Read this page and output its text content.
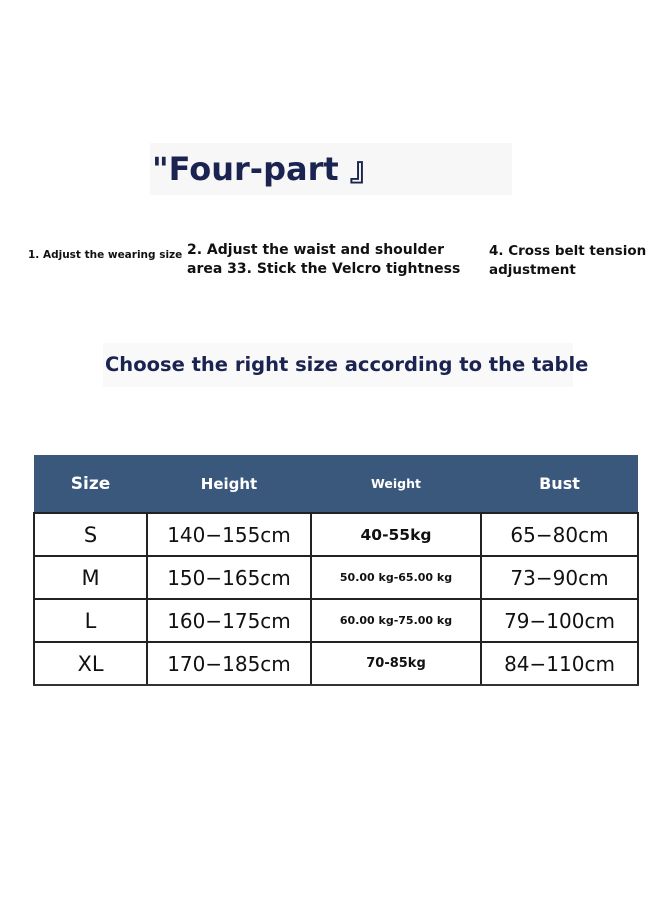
"Four-part 』
1. Adjust the wearing size 2. Adjust the waist and shoulder
area 33. Stick the Velcro tightness
4. Cross belt tension
adjustment
Choose the right size according to the table
Size	Height	Weight	Bust
S	140−155cm	40-55kg	65−80cm
M	150−165cm	50.00 kg-65.00 kg	73−90cm
L	160−175cm	60.00 kg-75.00 kg	79−100cm
XL	170−185cm	70-85kg	84−110cm
